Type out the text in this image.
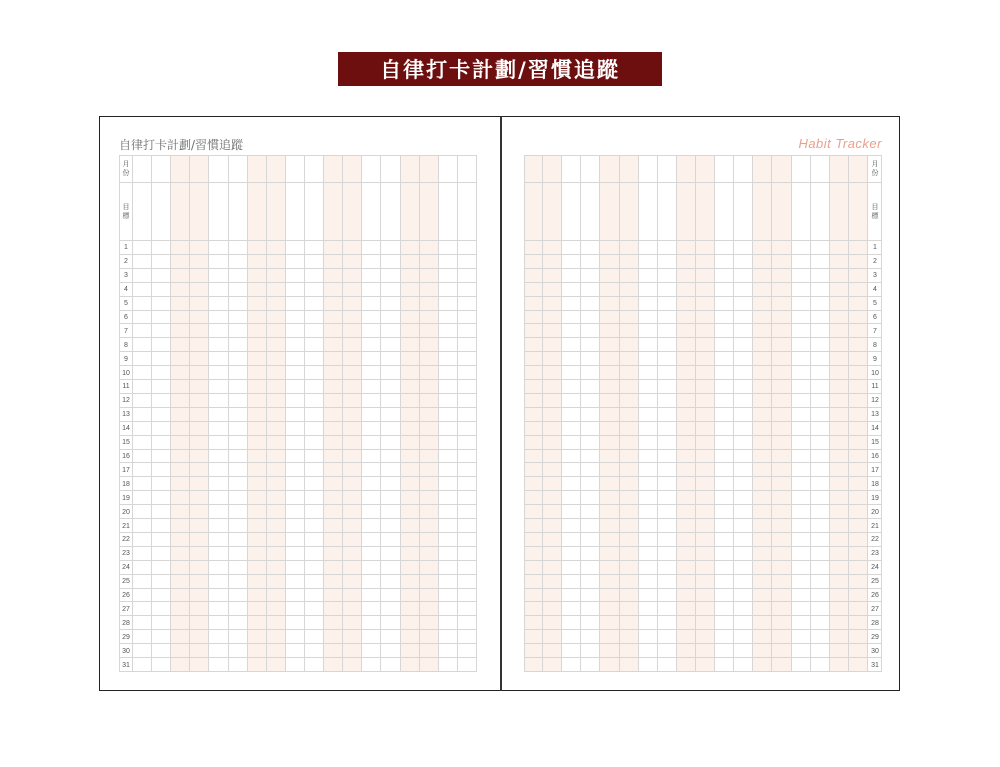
自律打卡計劃/習慣追蹤
自律打卡計劃/習慣追蹤	Habit Tracker
月
份
目
標
1
2
3
4
5
6
7
8
9
10
11
12
13
14
15
16
17
18
19
20
21
22
23
24
25
26
27
28
29
30
31
月
份
目
標
1
2
3
4
5
6
7
8
9
10
11
12
13
14
15
16
17
18
19
20
21
22
23
24
25
26
27
28
29
30
31
